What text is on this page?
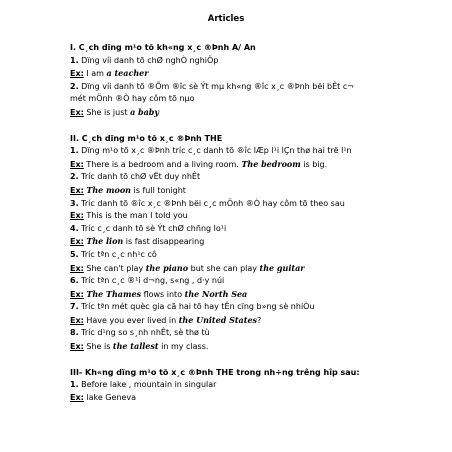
Articles
I. C¸ch dïng m¹o tõ kh«ng x¸c ®Þnh A/ An
1. Dïng víi danh tõ chØ nghÒ nghiÖp
Ex: I am a teacher
2. Dïng víi danh tõ ®Õm ®îc sè Ýt mµ kh«ng ®îc x¸c ®Þnh bëi bÊt c¬
mét mÖnh ®Ò hay côm tõ nµo
Ex: She is just a baby
II. C¸ch dïng m¹o tõ x¸c ®Þnh THE
1. Dïng m¹o tõ x¸c ®Þnh tríc c¸c danh tõ ®îc lÆp l¹i lÇn thø hai trë l¹n
Ex: There is a bedroom and a living room. The bedroom is big.
2. Tríc danh tõ chØ vËt duy nhÊt
Ex: The moon is full tonight
3. Tríc danh tõ ®îc x¸c ®Þnh bëi c¸c mÖnh ®Ò hay côm tõ theo sau
Ex: This is the man I told you
4. Tríc c¸c danh tõ sè Ýt chØ chñng lo¹i
Ex: The lion is fast disappearing
5. Tríc tªn c¸c nh¹c cô
Ex: She can't play the piano but she can play the guitar
6. Tríc tªn c¸c ®¹i d¬ng, s«ng , d·y núi
Ex: The Thames flows into the North Sea
7. Tríc tªn mét quèc gia cã hai tõ hay tÊn cïng b»ng sè nhiÒu
Ex: Have you ever lived in the United States?
8. Tríc d¹ng so s¸nh nhÊt, sè thø tù
Ex: She is the tallest in my class.
III- Kh«ng dïng m¹o tõ x¸c ®Þnh THE trong nh÷ng trêng hîp sau:
1. Before lake , mountain in singular
Ex: lake Geneva
